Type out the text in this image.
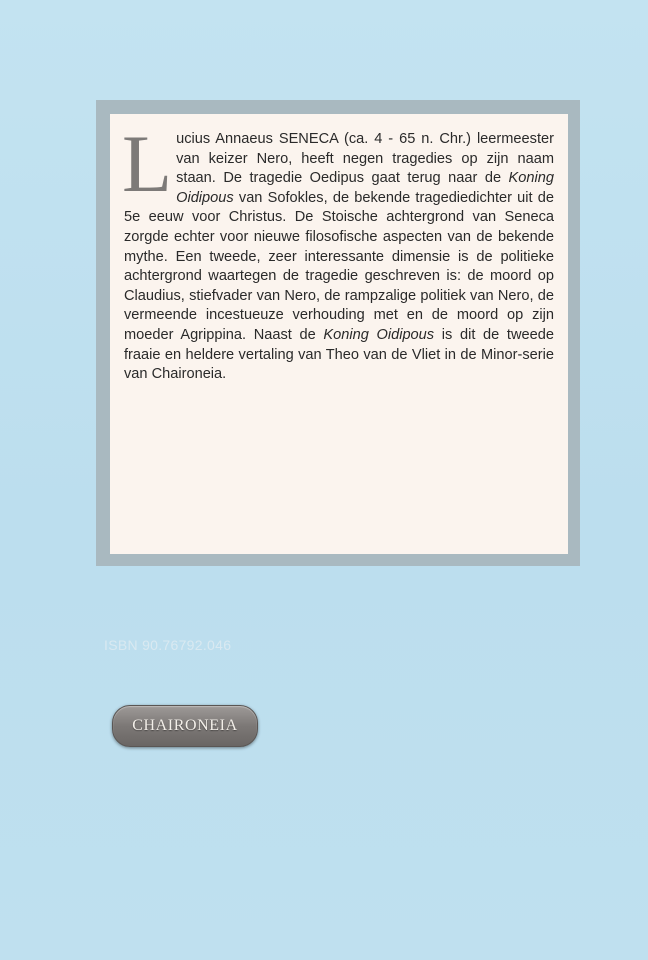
L ucius Annaeus SENECA (ca. 4 - 65 n. Chr.) leermeester van keizer Nero, heeft negen tragedies op zijn naam staan. De tragedie Oedipus gaat terug naar de Koning Oidipous van Sofokles, de bekende tragediedichter uit de 5e eeuw voor Christus. De Stoische achtergrond van Seneca zorgde echter voor nieuwe filosofische aspecten van de bekende mythe. Een tweede, zeer interessante dimensie is de politieke achtergrond waartegen de tragedie geschreven is: de moord op Claudius, stiefvader van Nero, de rampzalige politiek van Nero, de vermeende incestueuze verhouding met en de moord op zijn moeder Agrippina. Naast de Koning Oidipous is dit de tweede fraaie en heldere vertaling van Theo van de Vliet in de Minor-serie van Chaironeia.
ISBN 90.76792.046
CHAIRONEIA
